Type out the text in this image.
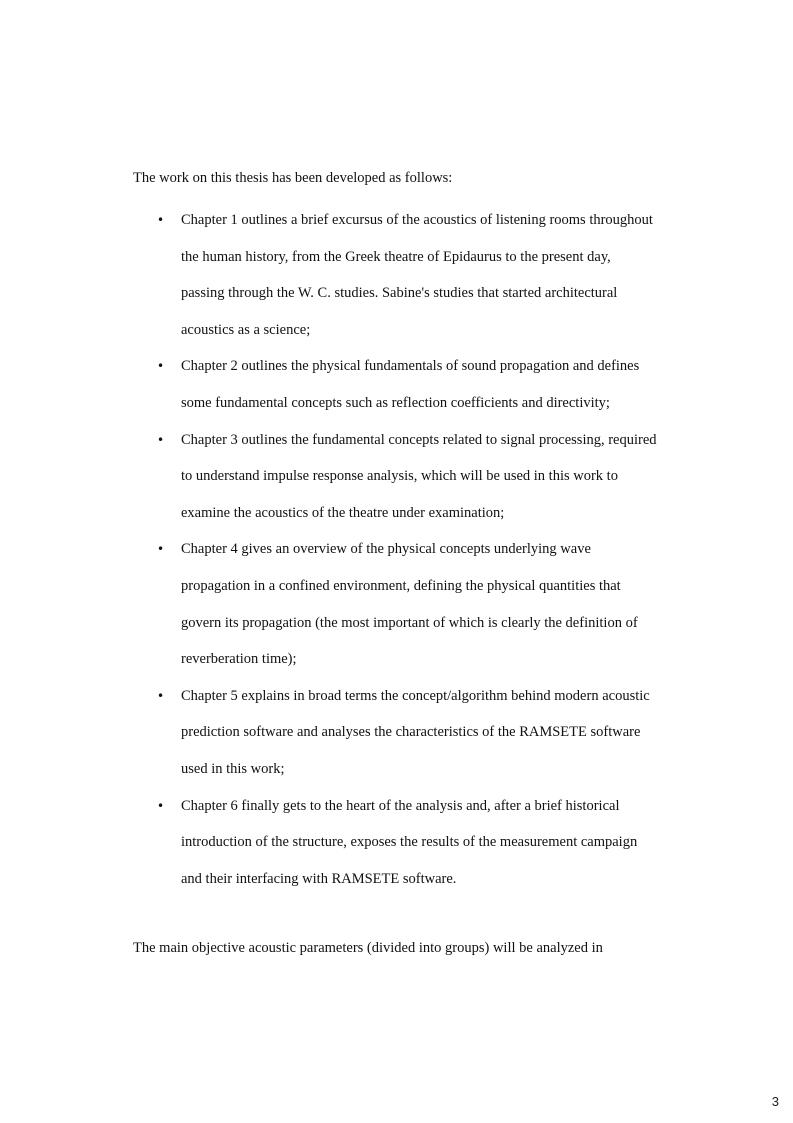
The work on this thesis has been developed as follows:

• Chapter 1 outlines a brief excursus of the acoustics of listening rooms throughout the human history, from the Greek theatre of Epidaurus to the present day, passing through the W. C. studies. Sabine's studies that started architectural acoustics as a science;
• Chapter 2 outlines the physical fundamentals of sound propagation and defines some fundamental concepts such as reflection coefficients and directivity;
• Chapter 3 outlines the fundamental concepts related to signal processing, required to understand impulse response analysis, which will be used in this work to examine the acoustics of the theatre under examination;
• Chapter 4 gives an overview of the physical concepts underlying wave propagation in a confined environment, defining the physical quantities that govern its propagation (the most important of which is clearly the definition of reverberation time);
• Chapter 5 explains in broad terms the concept/algorithm behind modern acoustic prediction software and analyses the characteristics of the RAMSETE software used in this work;
• Chapter 6 finally gets to the heart of the analysis and, after a brief historical introduction of the structure, exposes the results of the measurement campaign and their interfacing with RAMSETE software.

The main objective acoustic parameters (divided into groups) will be analyzed in

3
